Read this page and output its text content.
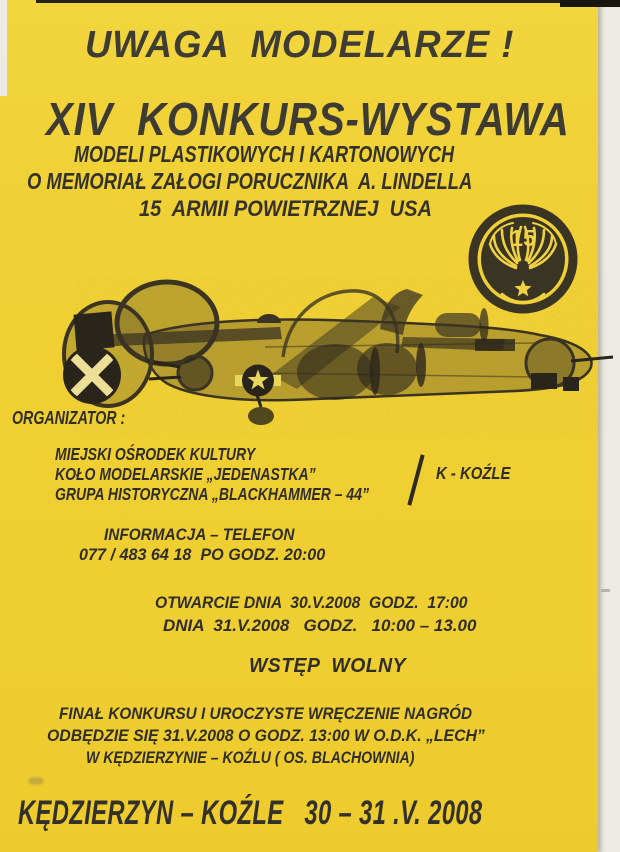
UWAGA  MODELARZE !
XIV  KONKURS-WYSTAWA
MODELI PLASTIKOWYCH I KARTONOWYCH
O MEMORIAŁ ZAŁOGI PORUCZNIKA  A. LINDELLA
15  ARMII POWIETRZNEJ  USA
15
ORGANIZATOR :
MIEJSKI OŚRODEK KULTURY
KOŁO MODELARSKIE „JEDENASTKA”
GRUPA HISTORYCZNA „BLACKHAMMER – 44”
K - KOŹLE
INFORMACJA – TELEFON
077 / 483 64 18  PO GODZ. 20:00
OTWARCIE DNIA  30.V.2008  GODZ.  17:00
DNIA  31.V.2008   GODZ.   10:00 – 13.00
WSTĘP  WOLNY
FINAŁ KONKURSU I UROCZYSTE WRĘCZENIE NAGRÓD
ODBĘDZIE SIĘ 31.V.2008 O GODZ. 13:00 W O.D.K. „LECH”
W KĘDZIERZYNIE – KOŹLU ( OS. BLACHOWNIA)
KĘDZIERZYN – KOŹLE   30 – 31 .V. 2008
